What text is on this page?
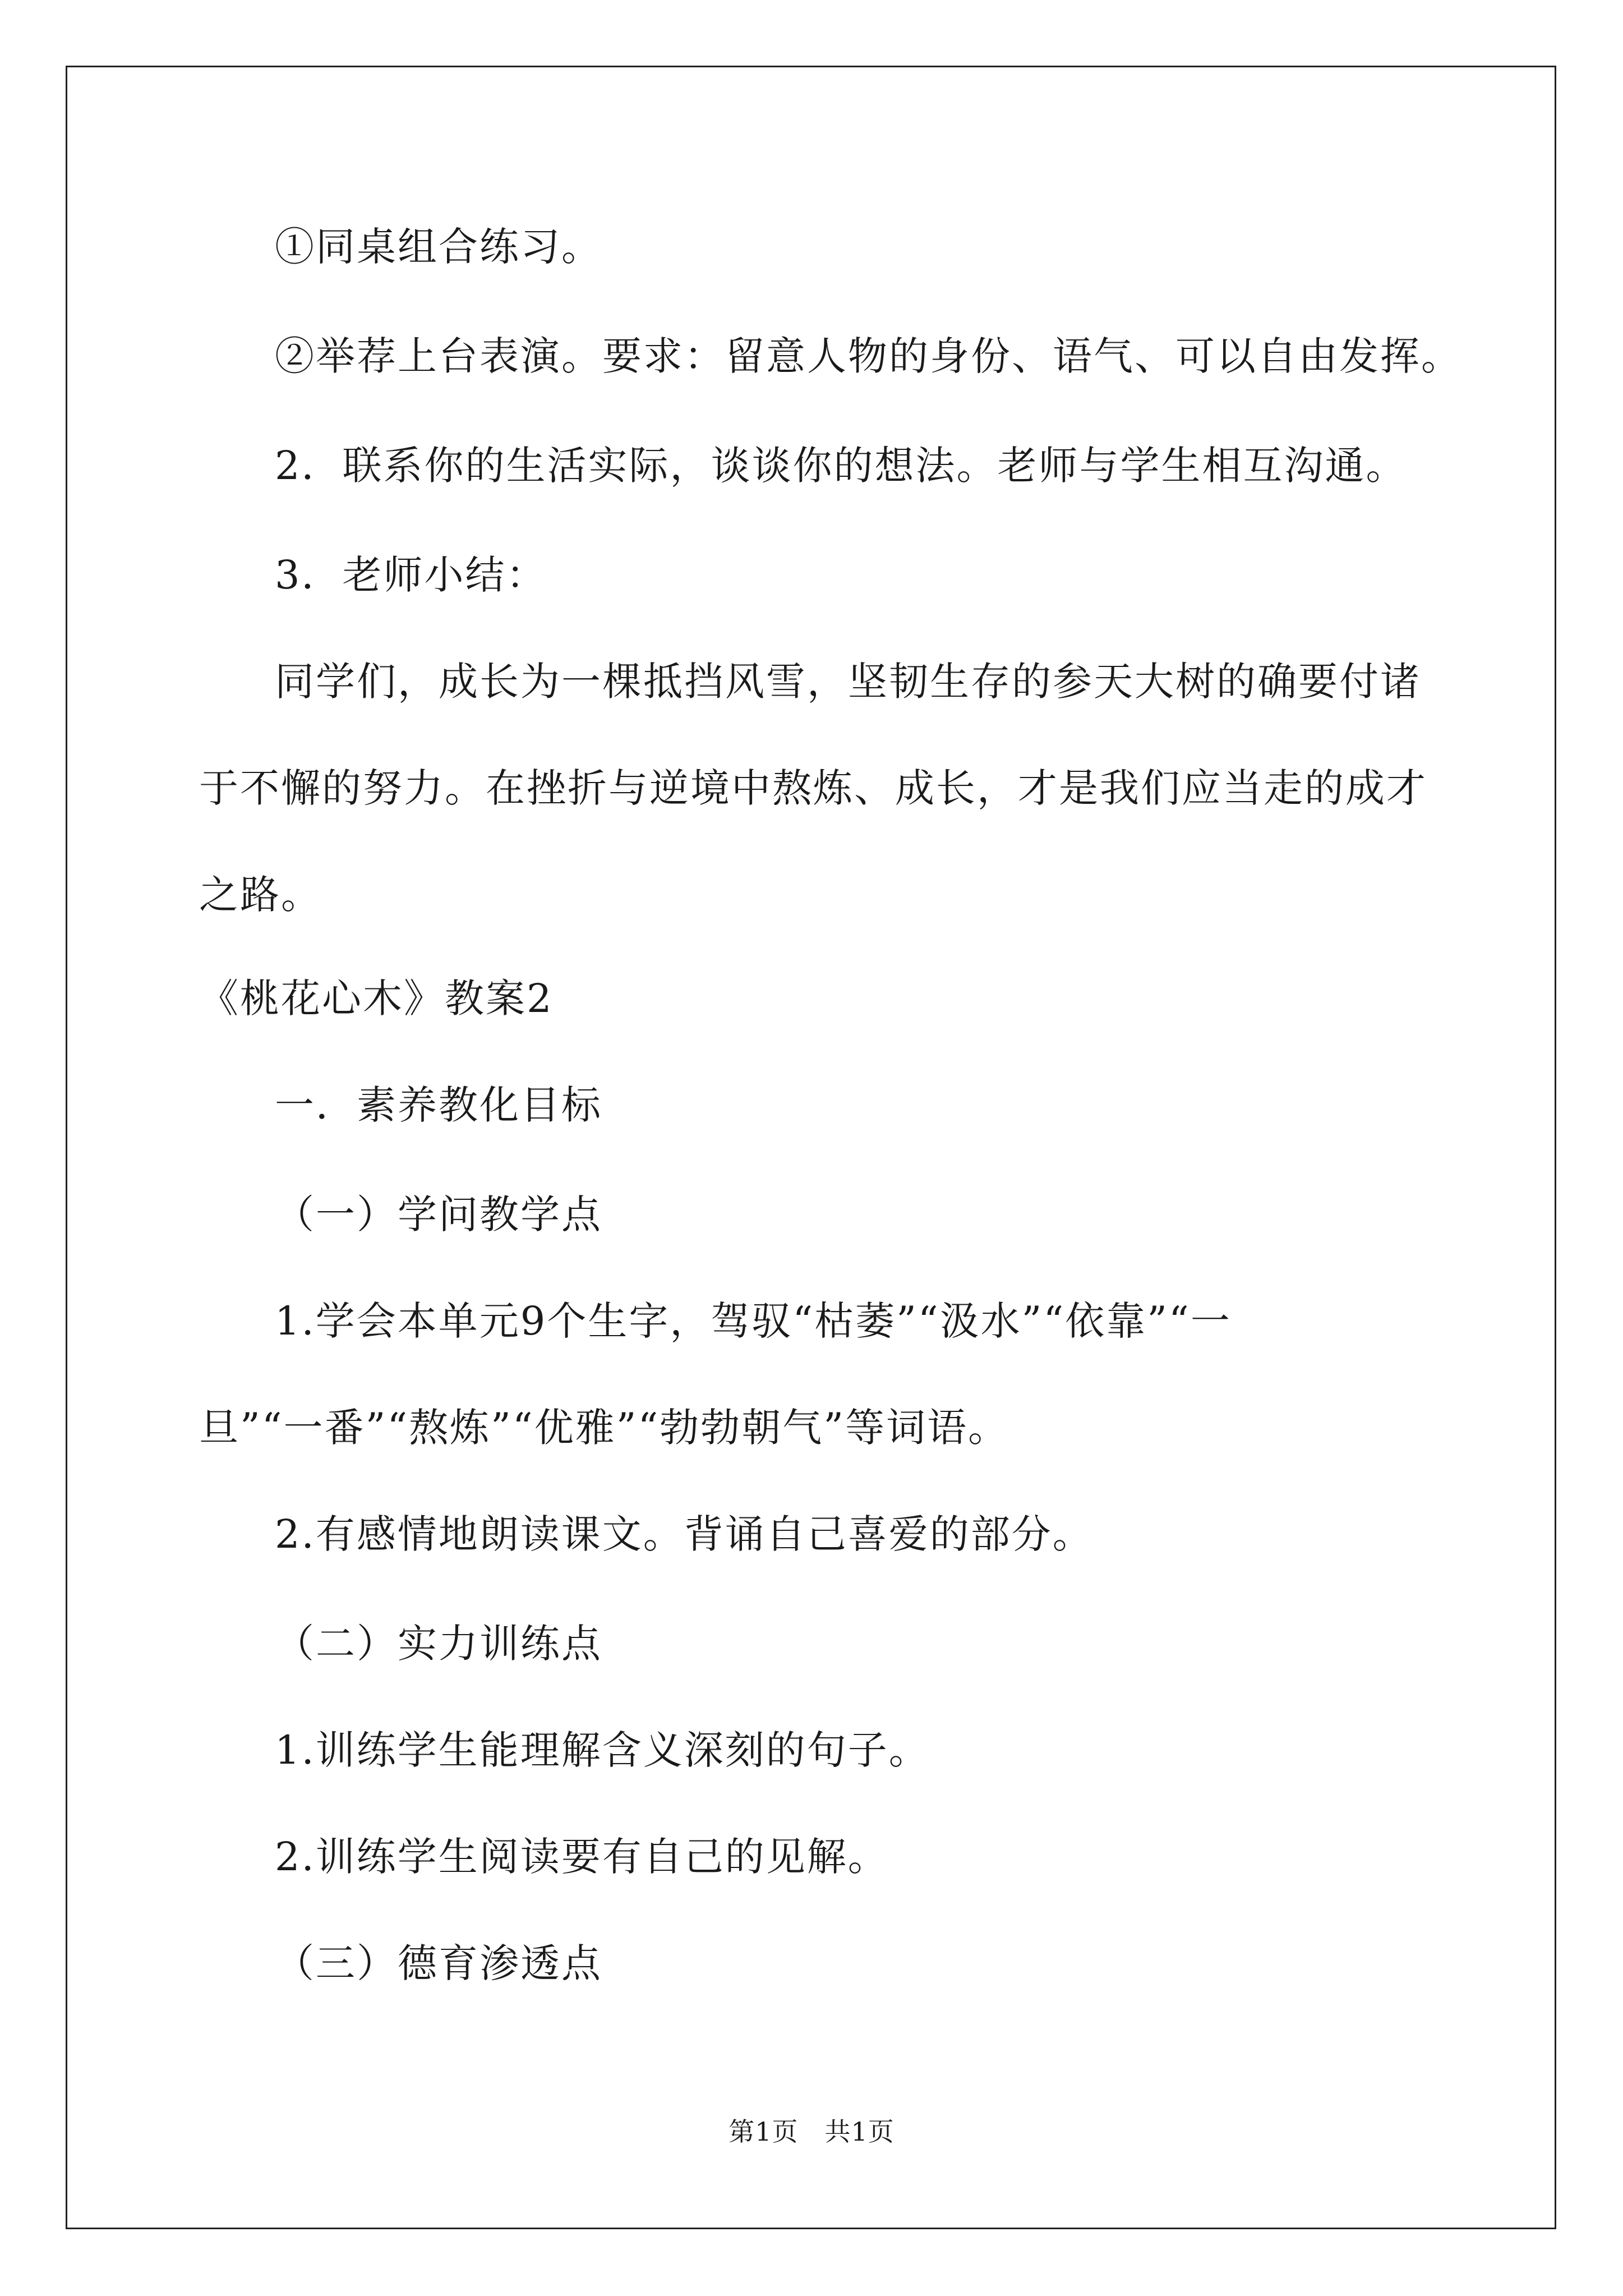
①同桌组合练习。
②举荐上台表演。要求：留意人物的身份、语气、可以自由发挥。
2．联系你的生活实际，谈谈你的想法。老师与学生相互沟通。
3．老师小结：
同学们，成长为一棵抵挡风雪，坚韧生存的参天大树的确要付诸
于不懈的努力。在挫折与逆境中熬炼、成长，才是我们应当走的成才
之路。
《桃花心木》教案2
一．素养教化目标
（一）学问教学点
1.学会本单元9个生字，驾驭“枯萎”“汲水”“依靠”“一
旦”“一番”“熬炼”“优雅”“勃勃朝气”等词语。
2.有感情地朗读课文。背诵自己喜爱的部分。
（二）实力训练点
1.训练学生能理解含义深刻的句子。
2.训练学生阅读要有自己的见解。
（三）德育渗透点
第1页　共1页
